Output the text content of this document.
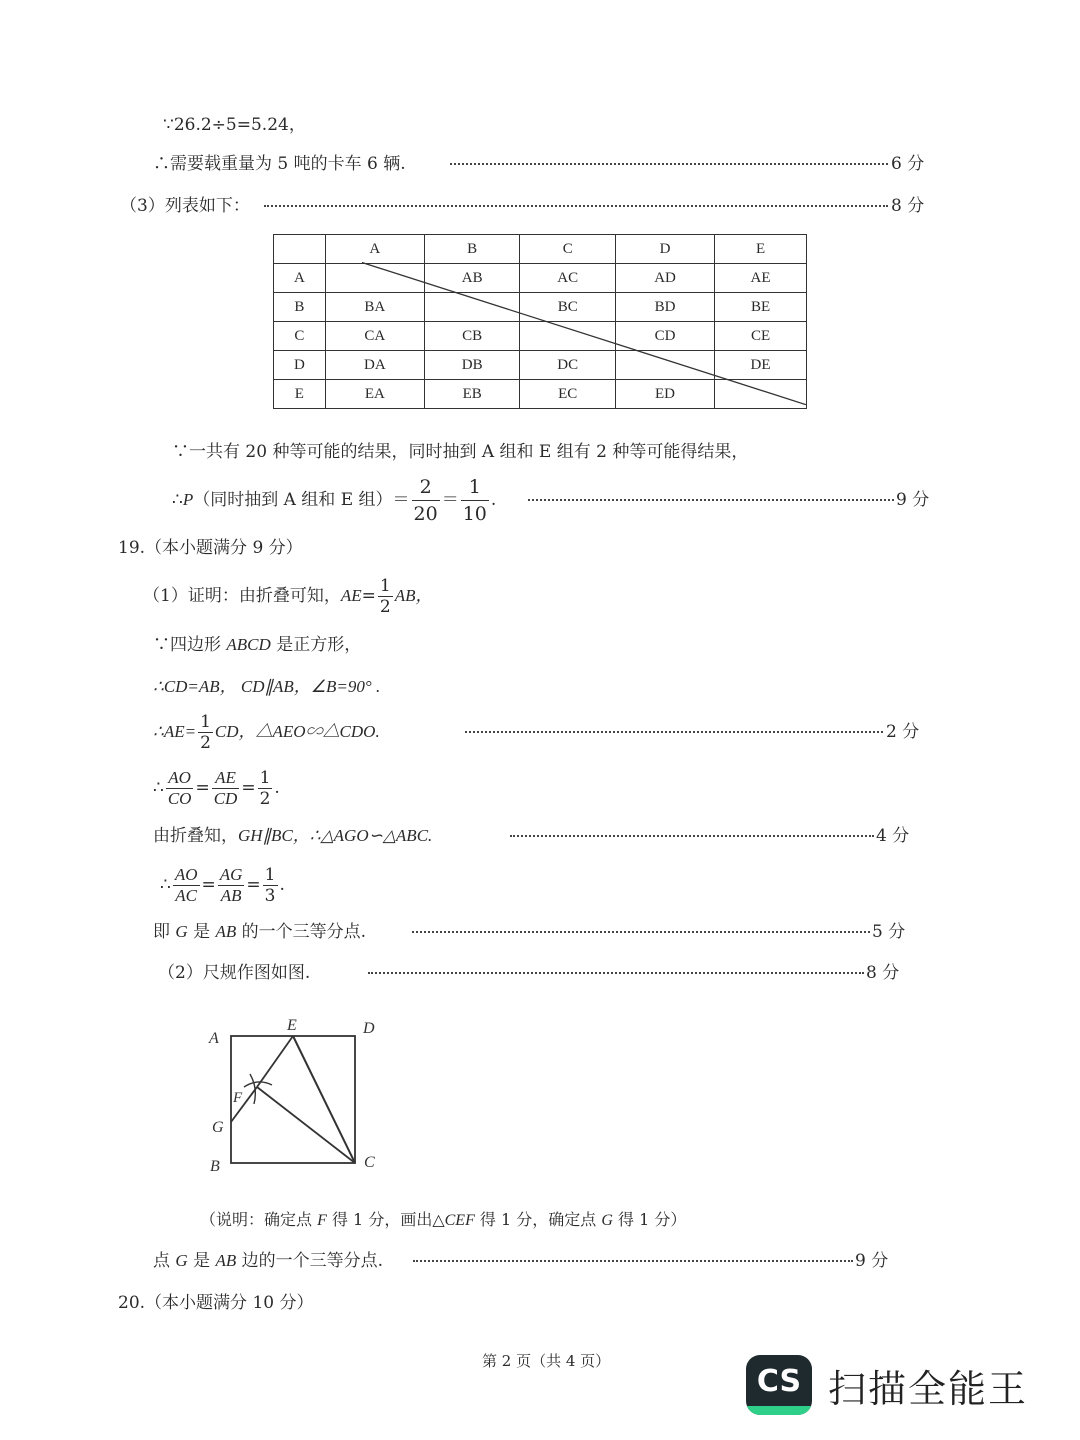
∵26.2÷5=5.24，
∴需要载重量为 5 吨的卡车 6 辆.	6 分
（3）列表如下：	8 分
	A	B	C	D	E
A		AB	AC	AD	AE
B	BA		BC	BD	BE
C	CA	CB		CD	CE
D	DA	DB	DC		DE
E	EA	EB	EC	ED	
∵一共有 20 种等可能的结果，同时抽到 A 组和 E 组有 2 种等可能得结果，
∴P（同时抽到 A 组和 E 组）＝ $\frac{2}{20} = \frac{1}{10}$ .	9 分
19.（本小题满分 9 分）
（1）证明：由折叠可知，$AE= \frac{1}{2}$ AB，
∵四边形 ABCD 是正方形，
∴CD=AB， CD∥AB，∠B=90° .
∴AE= $\frac{1}{2}$ CD，△AEO∽△CDO.	2 分
∴ $\frac{AO}{CO} = \frac{AE}{CD} = \frac{1}{2}$ .
由折叠知，GH∥BC，∴△AGO∽△ABC.	4 分
∴ $\frac{AO}{AC} = \frac{AG}{AB} = \frac{1}{3}$ .
即 G 是 AB 的一个三等分点.	5 分
（2）尺规作图如图.	8 分
A
E	D
F
G
B	C
（说明：确定点 F 得 1 分，画出△CEF 得 1 分，确定点 G 得 1 分）
点 G 是 AB 边的一个三等分点.	9 分
20.（本小题满分 10 分）
第 2 页（共 4 页）
CS 扫描全能王
